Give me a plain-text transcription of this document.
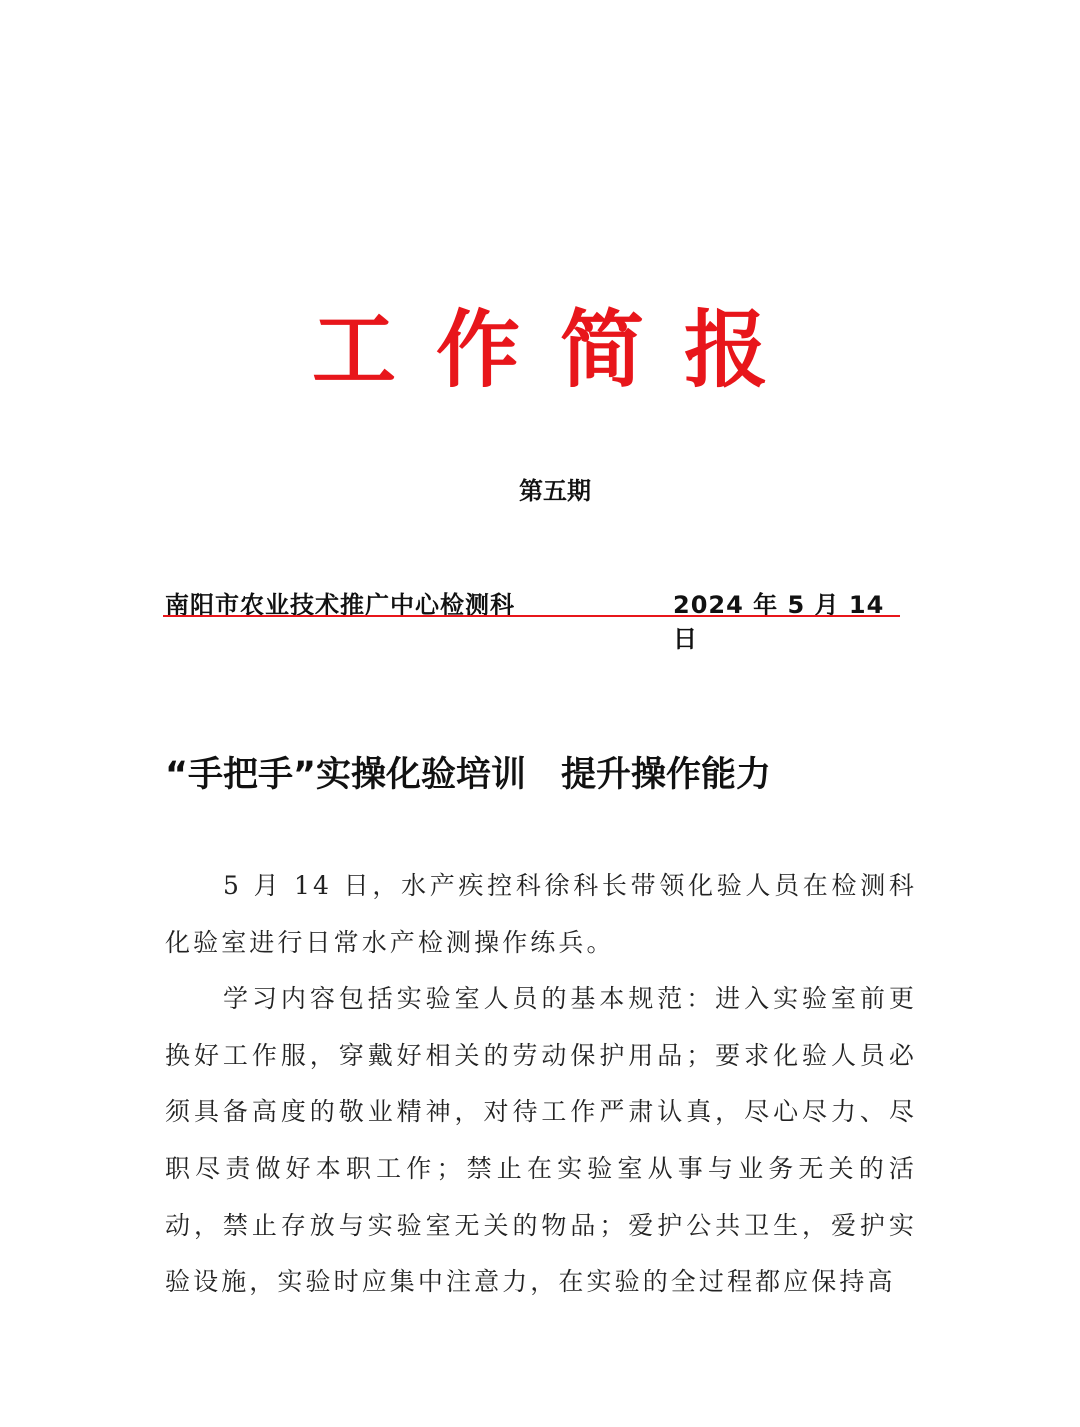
工作简报
第五期
南阳市农业技术推广中心检测科	2024 年 5 月 14 日
“手把手”实操化验培训　提升操作能力

5 月 14 日，水产疾控科徐科长带领化验人员在检测科化验室进行日常水产检测操作练兵。

学习内容包括实验室人员的基本规范：进入实验室前更换好工作服，穿戴好相关的劳动保护用品；要求化验人员必须具备高度的敬业精神，对待工作严肃认真，尽心尽力、尽职尽责做好本职工作；禁止在实验室从事与业务无关的活动，禁止存放与实验室无关的物品；爱护公共卫生，爱护实验设施，实验时应集中注意力，在实验的全过程都应保持高
